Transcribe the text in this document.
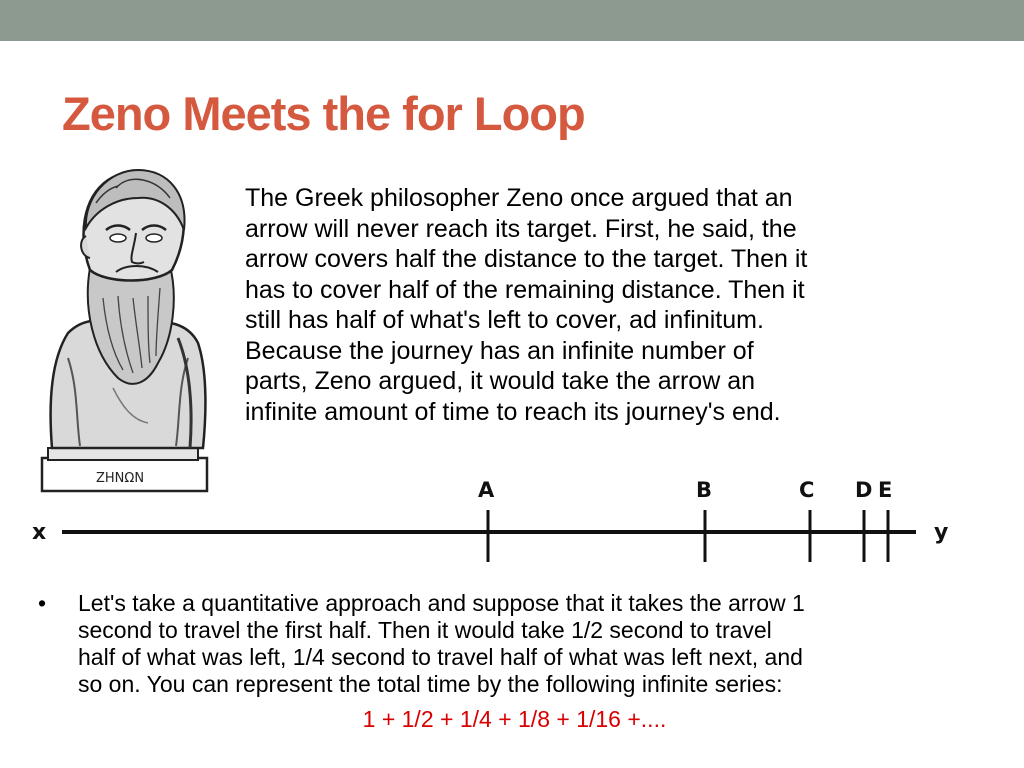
Zeno Meets the for Loop
ΖΗΝΩΝ
The Greek philosopher Zeno once argued that an
arrow will never reach its target. First, he said, the
arrow covers half the distance to the target. Then it
has to cover half of the remaining distance. Then it
still has half of what's left to cover, ad infinitum.
Because the journey has an infinite number of
parts, Zeno argued, it would take the arrow an
infinite amount of time to reach its journey's end.
x	y
A	B	C D E
• Let's take a quantitative approach and suppose that it takes the arrow 1
second to travel the first half. Then it would take 1/2 second to travel
half of what was left, 1/4 second to travel half of what was left next, and
so on. You can represent the total time by the following infinite series:
1 + 1/2 + 1/4 + 1/8 + 1/16 +....
